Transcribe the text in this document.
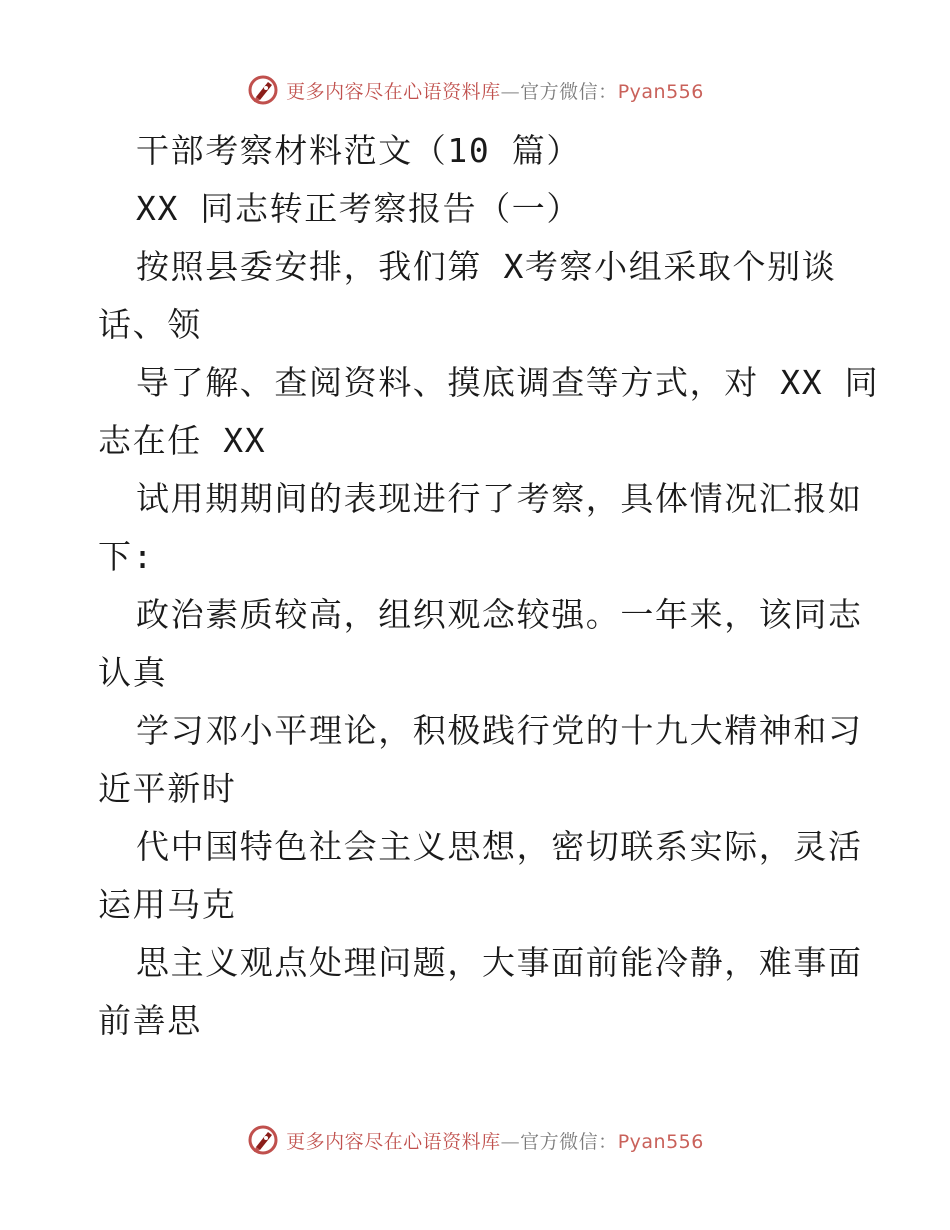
更多内容尽在心语资料库—官方微信：Pyan556
干部考察材料范文（10 篇）
XX 同志转正考察报告（一）
按照县委安排，我们第 X考察小组采取个别谈
话、领
导了解、查阅资料、摸底调查等方式，对 XX 同
志在任 XX
试用期期间的表现进行了考察，具体情况汇报如
下:
政治素质较高，组织观念较强。一年来，该同志
认真
学习邓小平理论，积极践行党的十九大精神和习
近平新时
代中国特色社会主义思想，密切联系实际，灵活
运用马克
思主义观点处理问题，大事面前能冷静，难事面
前善思
更多内容尽在心语资料库—官方微信：Pyan556
